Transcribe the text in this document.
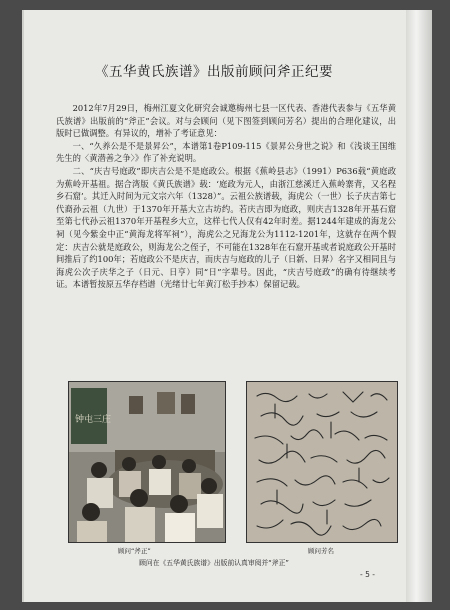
《五华黄氏族谱》出版前顾问斧正纪要

2012年7月29日，梅州江夏文化研究会诚邀梅州七县一区代表、香港代表参与《五华黄氏族谱》出版前的“斧正”会议。对与会顾问（见下图签到顾问芳名）提出的合理化建议，出版时已做调整。有异议的，增补了考证意见：

一、“久养公是不是景昇公”，本谱第1卷P109-115《景昇公身世之说》和《浅谈王国维先生的〈黄潜善之争〉》作了补充说明。

二、“庆吉号庭政”即庆吉公是不是庭政公。根据《蕉岭县志》（1991）P636载“黄庭政为蕉岭开基祖。据合湾版《黄氏族谱》载：‘庭政为元人，由浙江慈溪迁入蕉岭寨背，又名程乡石窟’。其迁入时间为元文宗六年（1328）”。云祖公族谱载，海虎公（一世）长子庆吉第七代裔孙云祖（九世）于1370年开基大立古坊约。若庆吉即为庭政，则庆吉1328年开基石窟至第七代孙云祖1370年开基程乡大立，这样七代人仅有42年时差。据1244年建成的海龙公祠（见今紫金中正“黄海龙将军祠”），海虎公之兄海龙公为1112-1201年，这就存在两个假定：庆吉公就是庭政公，则海龙公之侄子，不可能在1328年在石窟开基或者说庭政公开基时间推后了约100年；若庭政公不是庆吉，而庆吉与庭政的儿子（日新、日昇）名字又相同且与海虎公次子庆华之子（日元、日亨）同“日”字辈号。因此，“庆吉号庭政”的确有待继续考证。本谱暂按原五华存档谱（光绪廿七年黄汀松手抄本）保留记载。

钟屯三庄
顾问“斧正”	顾问芳名
顾问在《五华黄氏族谱》出版前认真审阅并“斧正”
- 5 -
